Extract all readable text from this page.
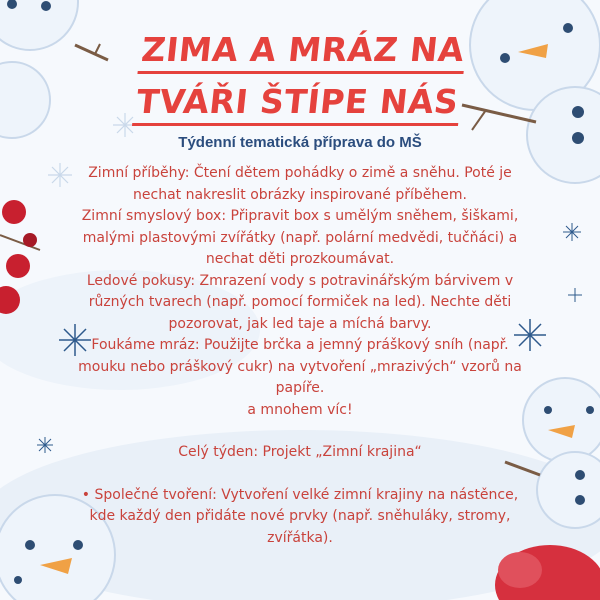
ZIMA A MRÁZ NA
TVÁŘI ŠTÍPE NÁS
Týdenní tematická příprava do MŠ

Zimní příběhy: Čtení dětem pohádky o zimě a sněhu. Poté je nechat nakreslit obrázky inspirované příběhem.

Zimní smyslový box: Připravit box s umělým sněhem, šiškami, malými plastovými zvířátky (např. polární medvědi, tučňáci) a nechat děti prozkoumávat.

Ledové pokusy: Zmrazení vody s potravinářským bárvivem v různých tvarech (např. pomocí formiček na led). Nechte děti pozorovat, jak led taje a míchá barvy.

Foukáme mráz: Použijte brčka a jemný práškový sníh (např. mouku nebo práškový cukr) na vytvoření „mrazivých“ vzorů na papíře.

a mnohem víc!

Celý týden: Projekt „Zimní krajina“

• Společné tvoření: Vytvoření velké zimní krajiny na nástěnce, kde každý den přidáte nové prvky (např. sněhuláky, stromy, zvířátka).
